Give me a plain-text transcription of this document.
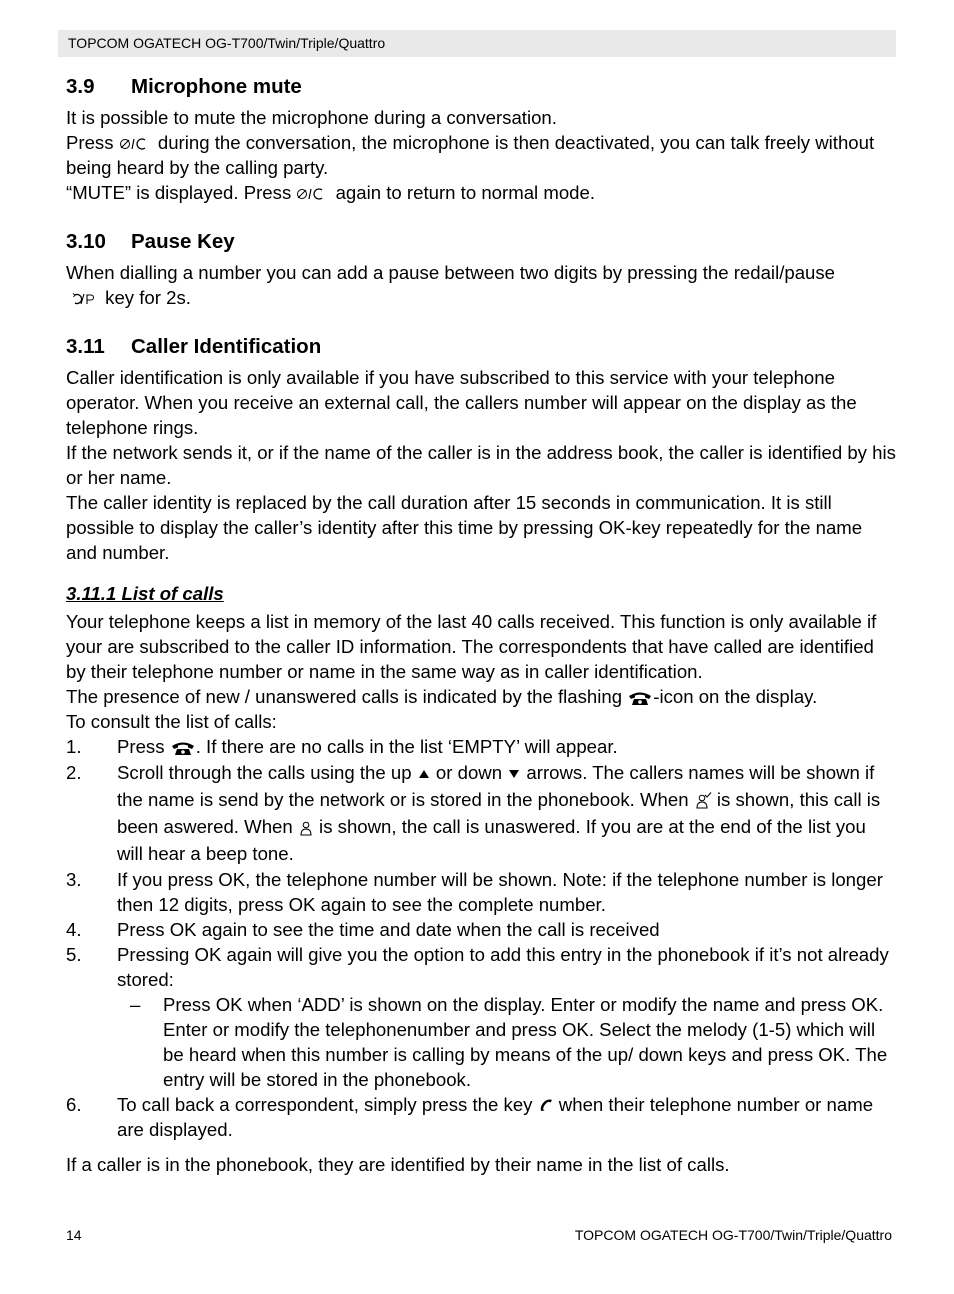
TOPCOM OGATECH OG-T700/Twin/Triple/Quattro
3.9 Microphone mute

It is possible to mute the microphone during a conversation.

Press
during the conversation, the microphone is then deactivated, you can talk freely without being heard by the calling party.

“MUTE” is displayed. Press
again to return to normal mode.

3.10 Pause Key

When dialling a number you can add a pause between two digits by pressing the redail/pause

key for 2s.

3.11 Caller Identification

Caller identification is only available if you have subscribed to this service with your telephone operator. When you receive an external call, the callers number will appear on the display as the telephone rings.

If the network sends it, or if the name of the caller is in the address book, the caller is identified by his or her name.

The caller identity is replaced by the call duration after 15 seconds in communication. It is still possible to display the caller’s identity after this time by pressing OK-key repeatedly for the name and number.

3.11.1 List of calls

Your telephone keeps a list in memory of the last 40 calls received. This function is only available if your are subscribed to the caller ID information. The correspondents that have called are identified by their telephone number or name in the same way as in caller identification.

The presence of new / unanswered calls is indicated by the flashing -icon on the display.

To consult the list of calls:

1. Press . If there are no calls in the list ‘EMPTY’ will appear.
2. Scroll through the calls using the up
or down
arrows. The callers names will be shown if the name is send by the network or is stored in the phonebook. When
is shown, this call is been aswered. When
is shown, the call is unaswered. If you are at the end of the list you will hear a beep tone.
3. If you press OK, the telephone number will be shown. Note: if the telephone number is longer then 12 digits, press OK again to see the complete number.
4. Press OK again to see the time and date when the call is received
5. Pressing OK again will give you the option to add this entry in the phonebook if it’s not already stored:
– Press OK when ‘ADD’ is shown on the display. Enter or modify the name and press OK. Enter or modify the telephonenumber and press OK. Select the melody (1-5) which will be heard when this number is calling by means of the up/ down keys and press OK. The entry will be stored in the phonebook.
6. To call back a correspondent, simply press the key
when their telephone number or name are displayed.

If a caller is in the phonebook, they are identified by their name in the list of calls.

14	TOPCOM OGATECH OG-T700/Twin/Triple/Quattro
